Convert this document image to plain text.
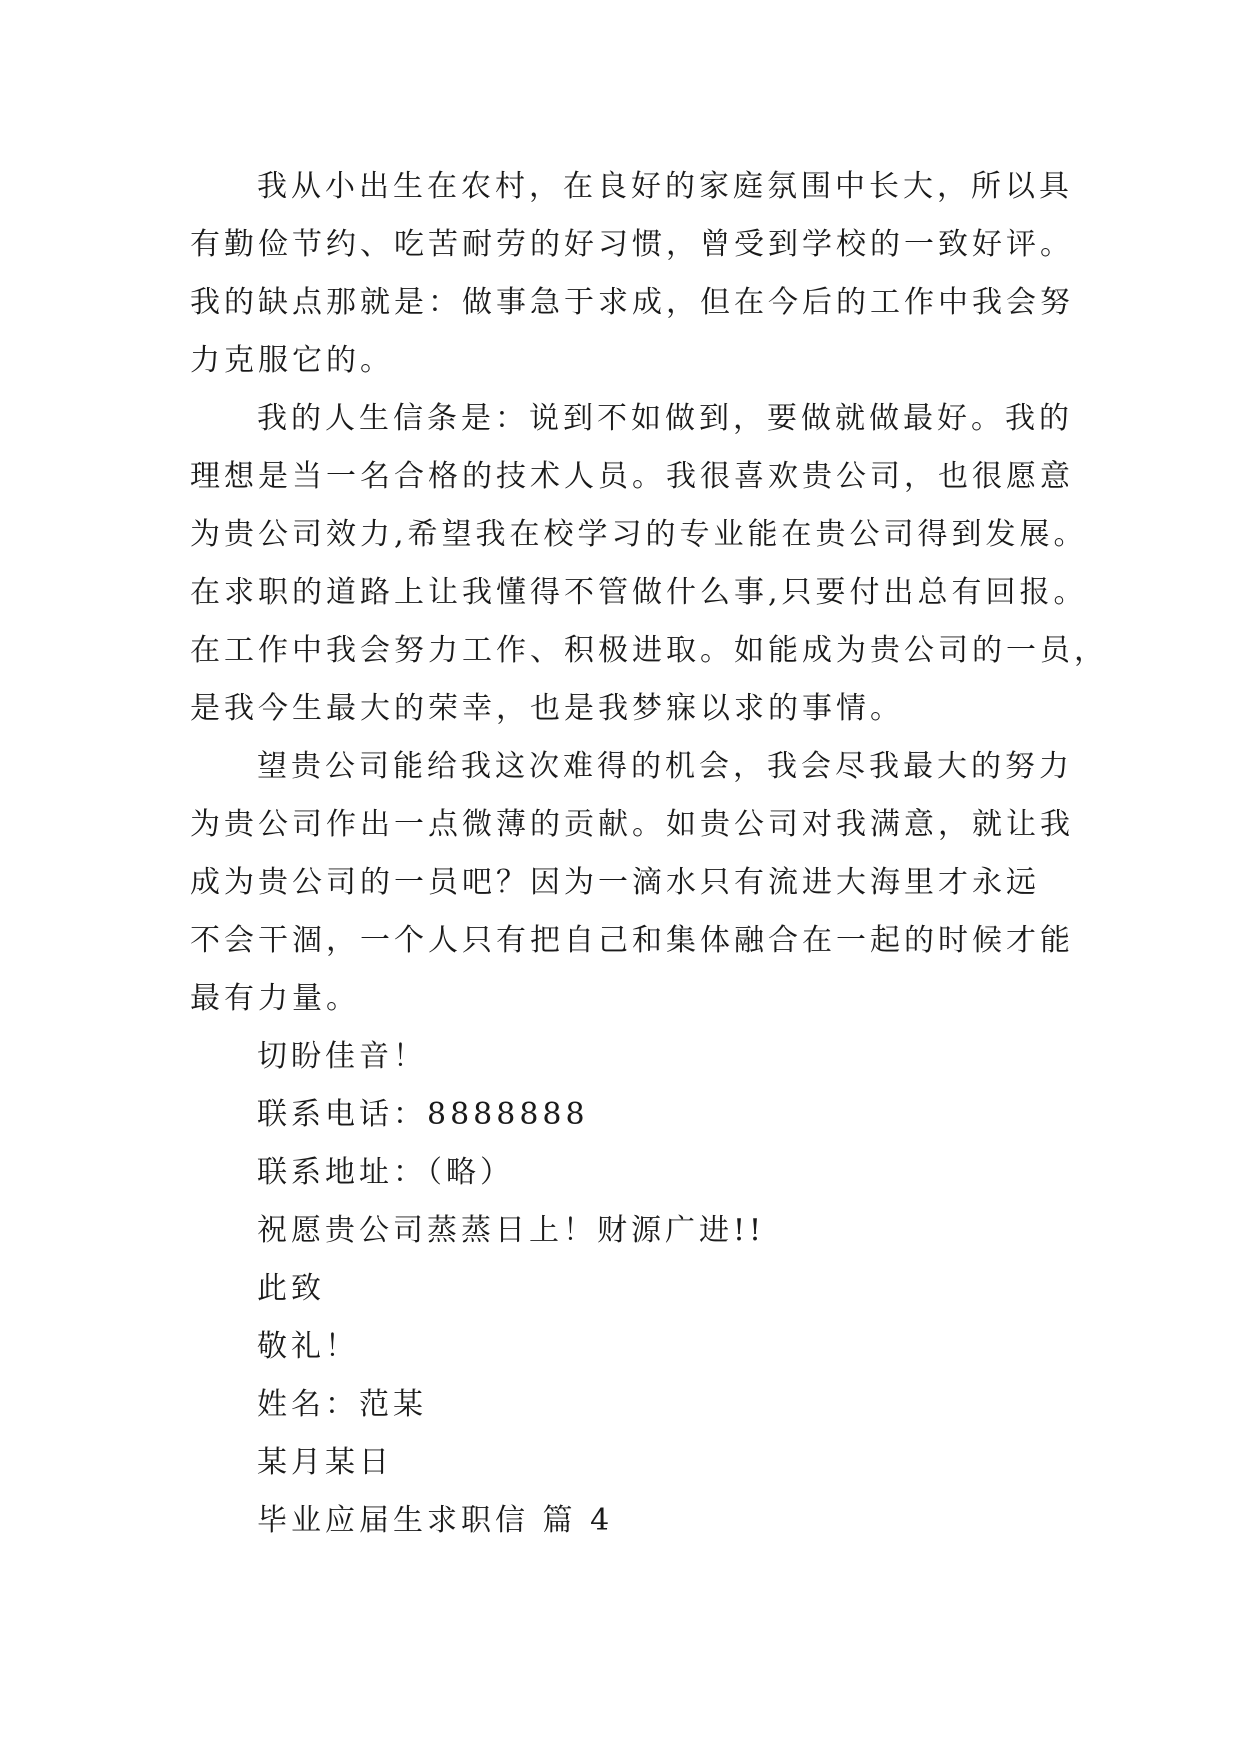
我从小出生在农村，在良好的家庭氛围中长大，所以具
有勤俭节约、吃苦耐劳的好习惯，曾受到学校的一致好评。
我的缺点那就是：做事急于求成，但在今后的工作中我会努
力克服它的。
我的人生信条是：说到不如做到，要做就做最好。我的
理想是当一名合格的技术人员。我很喜欢贵公司，也很愿意
为贵公司效力,希望我在校学习的专业能在贵公司得到发展。
在求职的道路上让我懂得不管做什么事,只要付出总有回报。
在工作中我会努力工作、积极进取。如能成为贵公司的一员，
是我今生最大的荣幸，也是我梦寐以求的事情。
望贵公司能给我这次难得的机会，我会尽我最大的努力
为贵公司作出一点微薄的贡献。如贵公司对我满意，就让我
成为贵公司的一员吧？因为一滴水只有流进大海里才永远
不会干涸，一个人只有把自己和集体融合在一起的时候才能
最有力量。
切盼佳音！
联系电话：8888888
联系地址：（略）
祝愿贵公司蒸蒸日上！财源广进!!
此致
敬礼！
姓名：范某
某月某日
毕业应届生求职信 篇 4
